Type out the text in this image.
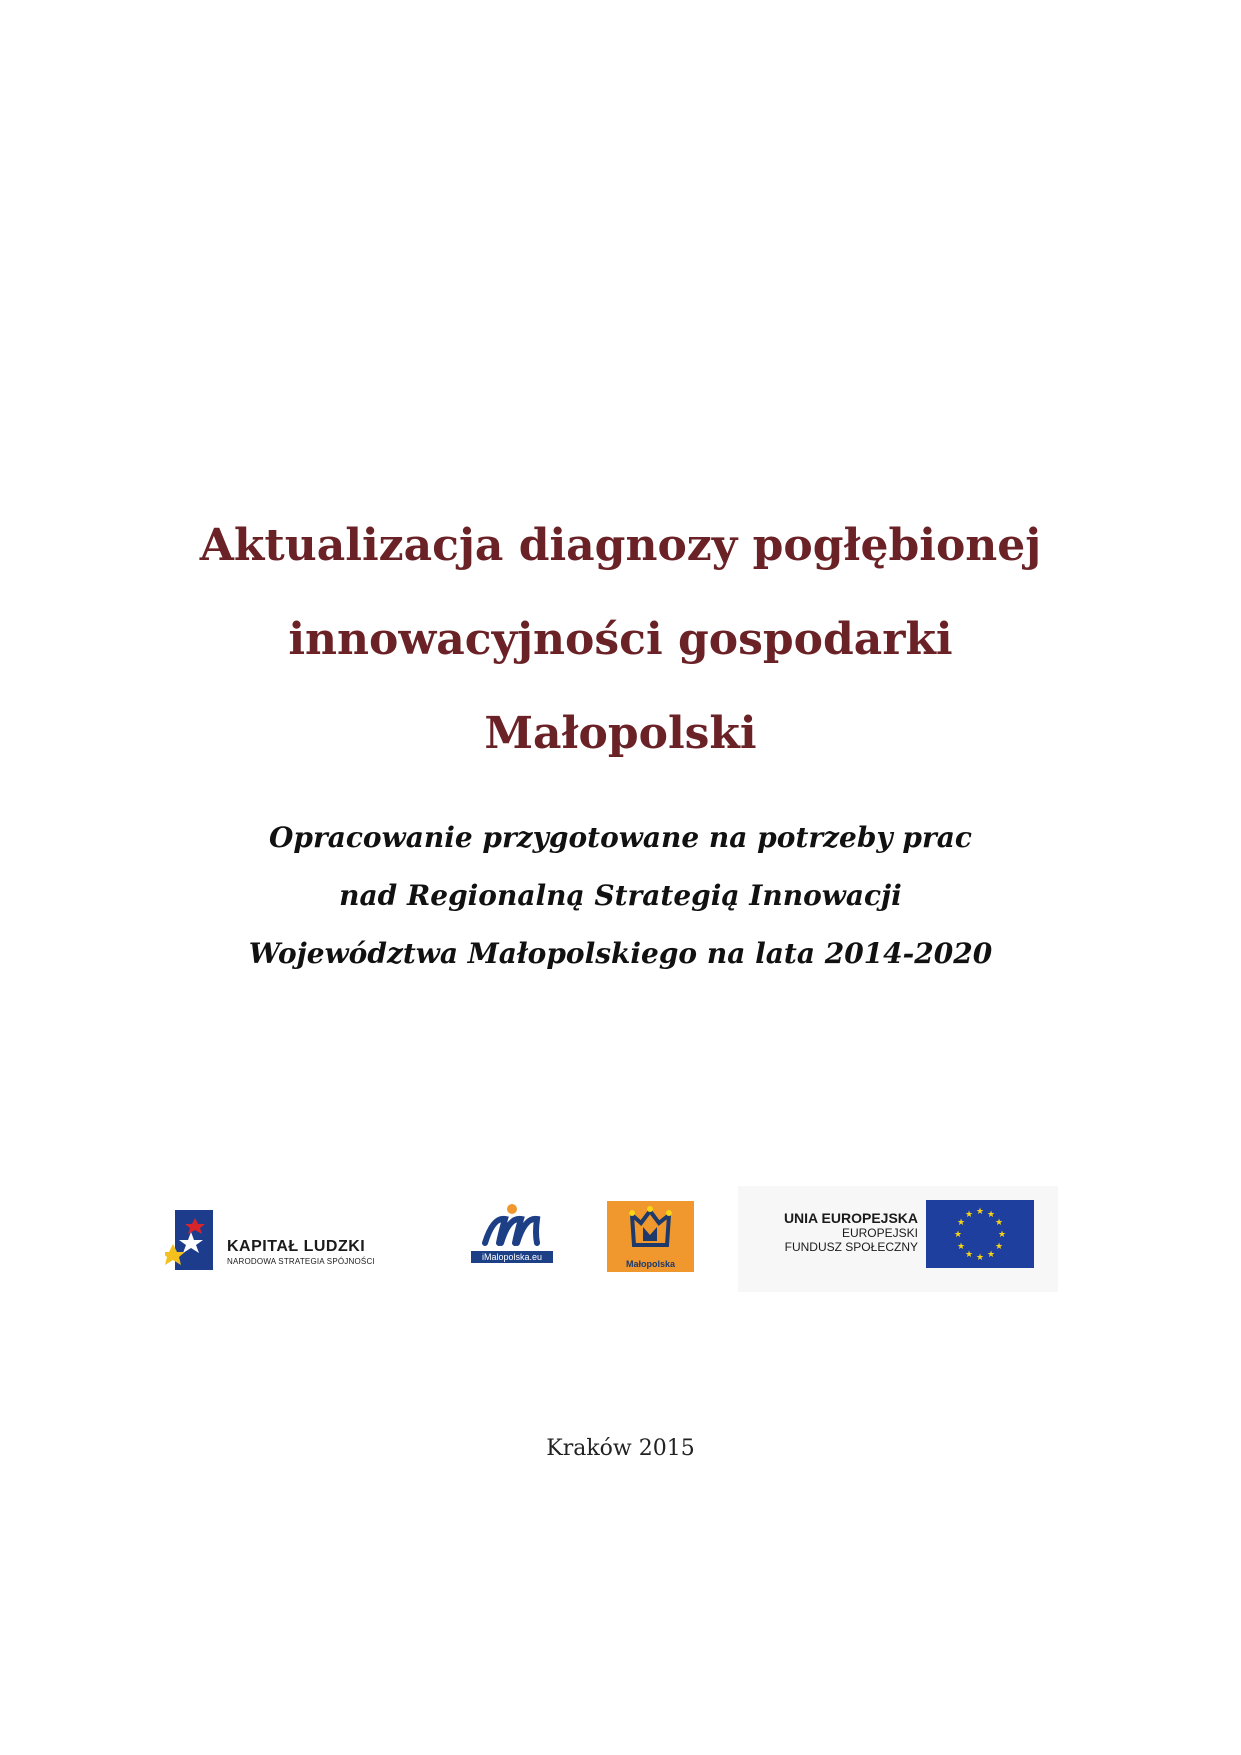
Aktualizacja diagnozy pogłębionej
innowacyjności gospodarki
Małopolski

Opracowanie przygotowane na potrzeby prac

nad Regionalną Strategią Innowacji

Województwa Małopolskiego na lata 2014-2020

KAPITAŁ LUDZKI
NARODOWA STRATEGIA SPÓJNOŚCI	iMalopolska.eu
Małopolska
UNIA EUROPEJSKA
EUROPEJSKI
FUNDUSZ SPOŁECZNY
★ ★
★
★
★
★
★
★
★
★
★
★
Kraków 2015
